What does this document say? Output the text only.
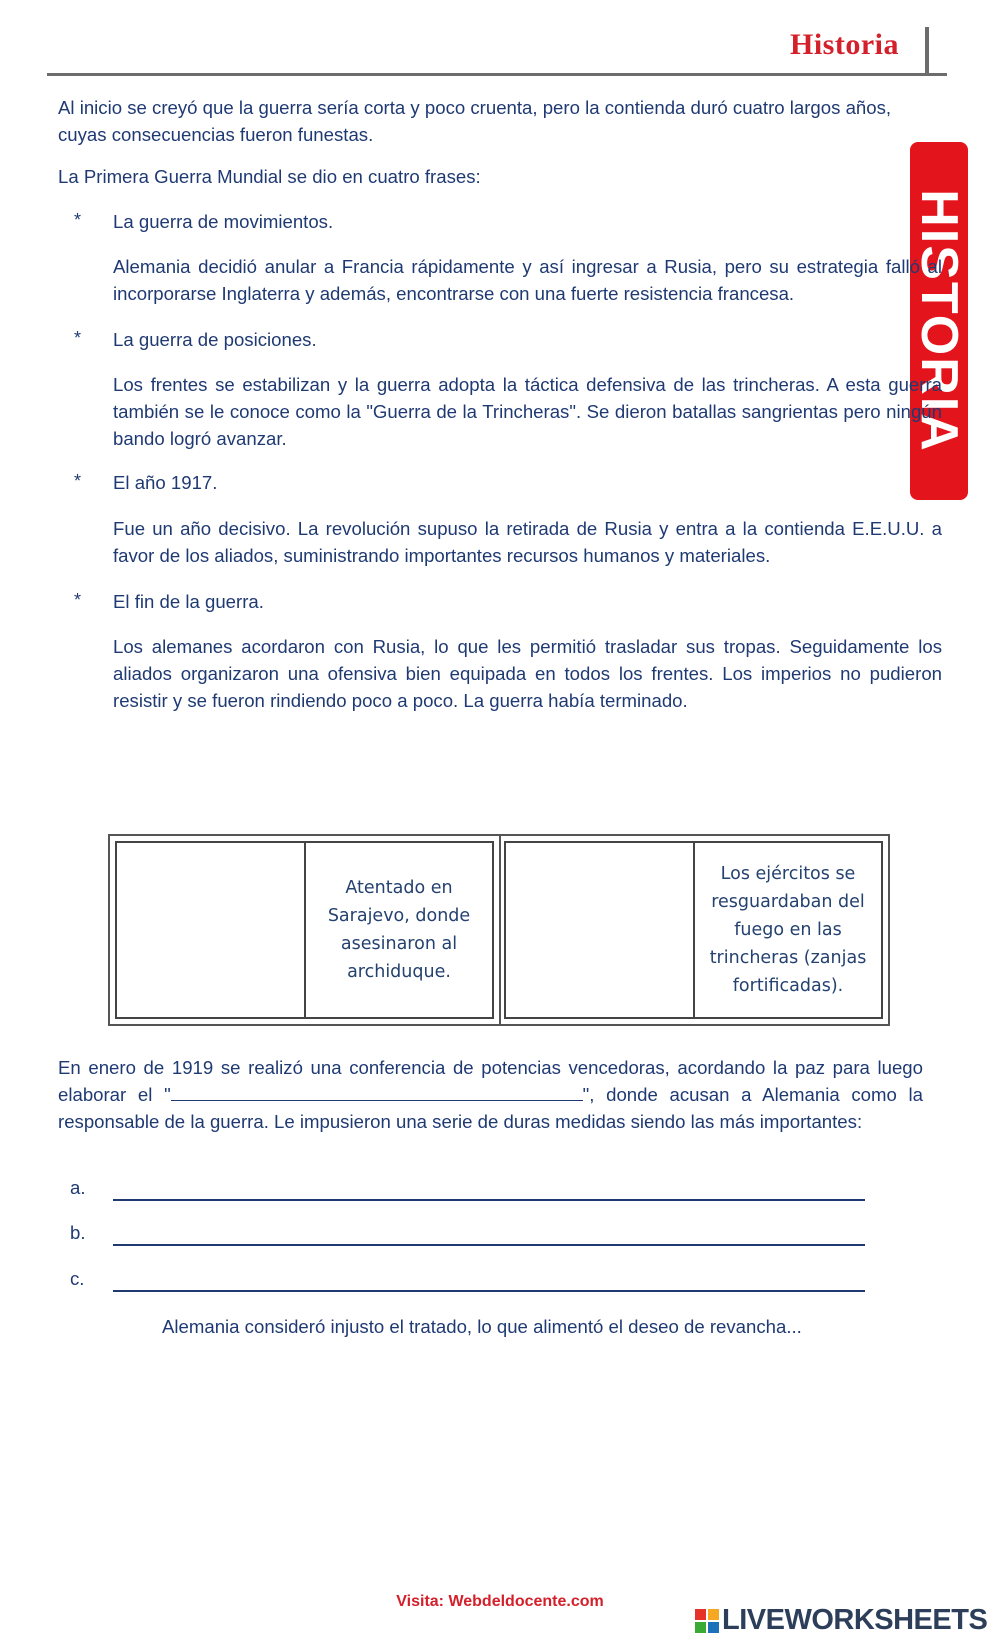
Historia
HISTORIA

Al inicio se creyó que la guerra sería corta y poco cruenta, pero la contienda duró cuatro largos años, cuyas consecuencias fueron funestas.

La Primera Guerra Mundial se dio en cuatro frases:

* La guerra de movimientos.

Alemania decidió anular a Francia rápidamente y así ingresar a Rusia, pero su estrategia falló al incorporarse Inglaterra y además, encontrarse con una fuerte resistencia francesa.

* La guerra de posiciones.

Los frentes se estabilizan y la guerra adopta la táctica defensiva de las trincheras. A esta guerra también se le conoce como la "Guerra de la Trincheras". Se dieron batallas sangrientas pero ningún bando logró avanzar.

* El año 1917.

Fue un año decisivo. La revolución supuso la retirada de Rusia y entra a la contienda E.E.U.U. a favor de los aliados, suministrando importantes recursos humanos y materiales.

* El fin de la guerra.

Los alemanes acordaron con Rusia, lo que les permitió trasladar sus tropas. Seguidamente los aliados organizaron una ofensiva bien equipada en todos los frentes. Los imperios no pudieron resistir y se fueron rindiendo poco a poco. La guerra había terminado.

Atentado en Sarajevo, donde asesinaron al archiduque.
Los ejércitos se resguardaban del fuego en las trincheras (zanjas fortificadas).

En enero de 1919 se realizó una conferencia de potencias vencedoras, acordando la paz para luego elaborar el "	", donde acusan a Alemania como la responsable de la guerra. Le impusieron una serie de duras medidas siendo las más importantes:

a.
b.
c.

Alemania consideró injusto el tratado, lo que alimentó el deseo de revancha...

Visita: Webdeldocente.com
LIVEWORKSHEETS
